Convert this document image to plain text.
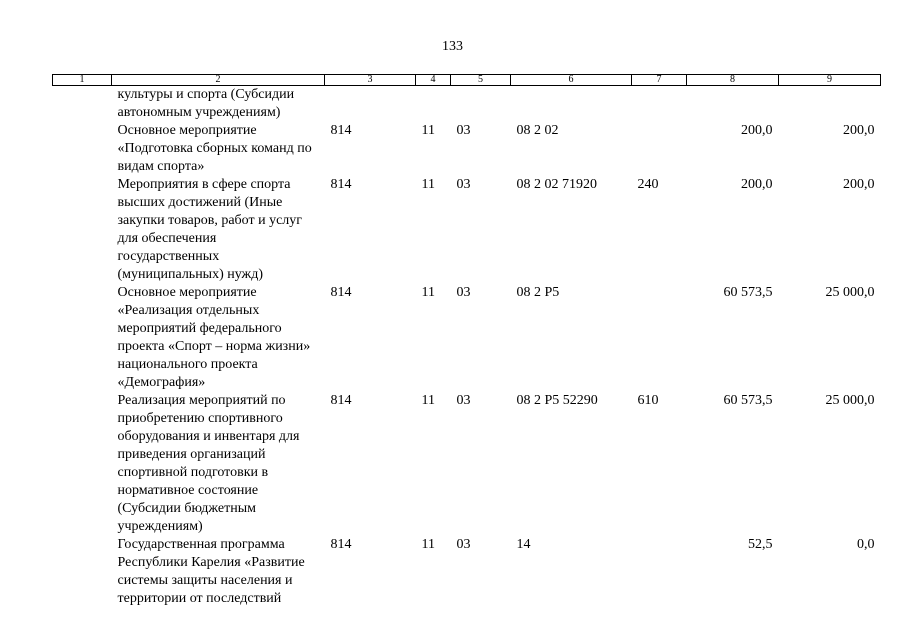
133
1	2	3	4	5	6	7	8	9
	культуры и спорта (Субсидии автономным учреждениям)							
	Основное мероприятие «Подготовка сборных команд по видам спорта»	814	11	03	08 2 02		200,0	200,0
	Мероприятия в сфере спорта высших достижений (Иные закупки товаров, работ и услуг для обеспечения государственных (муниципальных) нужд)	814	11	03	08 2 02 71920	240	200,0	200,0
	Основное мероприятие «Реализация отдельных мероприятий федерального проекта «Спорт – норма жизни» национального проекта «Демография»	814	11	03	08 2 P5		60 573,5	25 000,0
	Реализация мероприятий по приобретению спортивного оборудования и инвентаря для приведения организаций спортивной подготовки в нормативное состояние (Субсидии бюджетным учреждениям)	814	11	03	08 2 P5 52290	610	60 573,5	25 000,0
	Государственная программа Республики Карелия «Развитие системы защиты населения и территории от последствий	814	11	03	14		52,5	0,0
